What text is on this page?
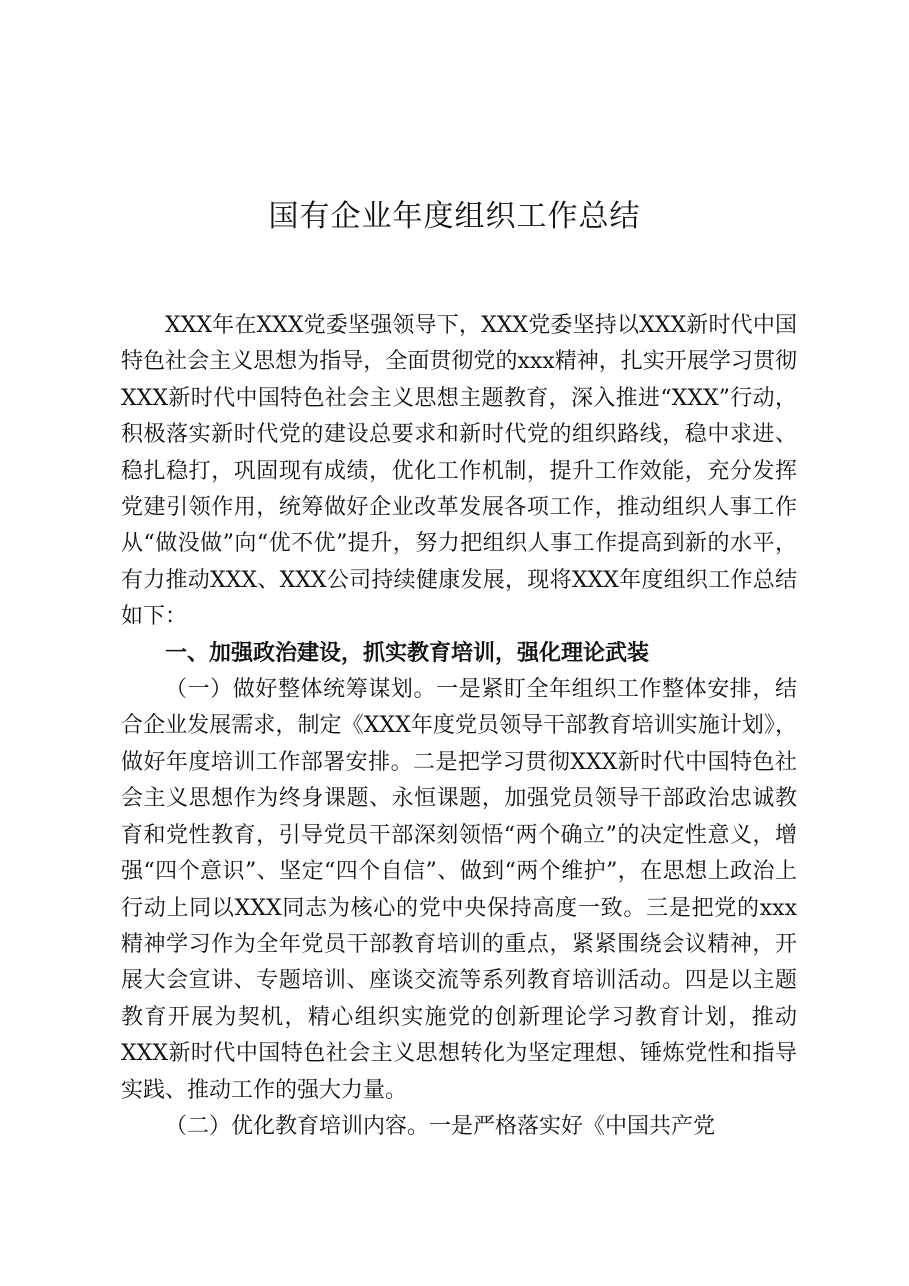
国有企业年度组织工作总结

XXX年在XXX党委坚强领导下，XXX党委坚持以XXX新时代中国特色社会主义思想为指导，全面贯彻党的xxx精神，扎实开展学习贯彻XXX新时代中国特色社会主义思想主题教育，深入推进“XXX”行动，积极落实新时代党的建设总要求和新时代党的组织路线，稳中求进、稳扎稳打，巩固现有成绩，优化工作机制，提升工作效能，充分发挥党建引领作用，统筹做好企业改革发展各项工作，推动组织人事工作从“做没做”向“优不优”提升，努力把组织人事工作提高到新的水平，有力推动XXX、XXX公司持续健康发展，现将XXX年度组织工作总结如下：

一、加强政治建设，抓实教育培训，强化理论武装

（一）做好整体统筹谋划。一是紧盯全年组织工作整体安排，结合企业发展需求，制定《XXX年度党员领导干部教育培训实施计划》，做好年度培训工作部署安排。二是把学习贯彻XXX新时代中国特色社会主义思想作为终身课题、永恒课题，加强党员领导干部政治忠诚教育和党性教育，引导党员干部深刻领悟“两个确立”的决定性意义，增强“四个意识”、坚定“四个自信”、做到“两个维护”，在思想上政治上行动上同以XXX同志为核心的党中央保持高度一致。三是把党的xxx精神学习作为全年党员干部教育培训的重点，紧紧围绕会议精神，开展大会宣讲、专题培训、座谈交流等系列教育培训活动。四是以主题教育开展为契机，精心组织实施党的创新理论学习教育计划，推动XXX新时代中国特色社会主义思想转化为坚定理想、锤炼党性和指导实践、推动工作的强大力量。

（二）优化教育培训内容。一是严格落实好《中国共产党
